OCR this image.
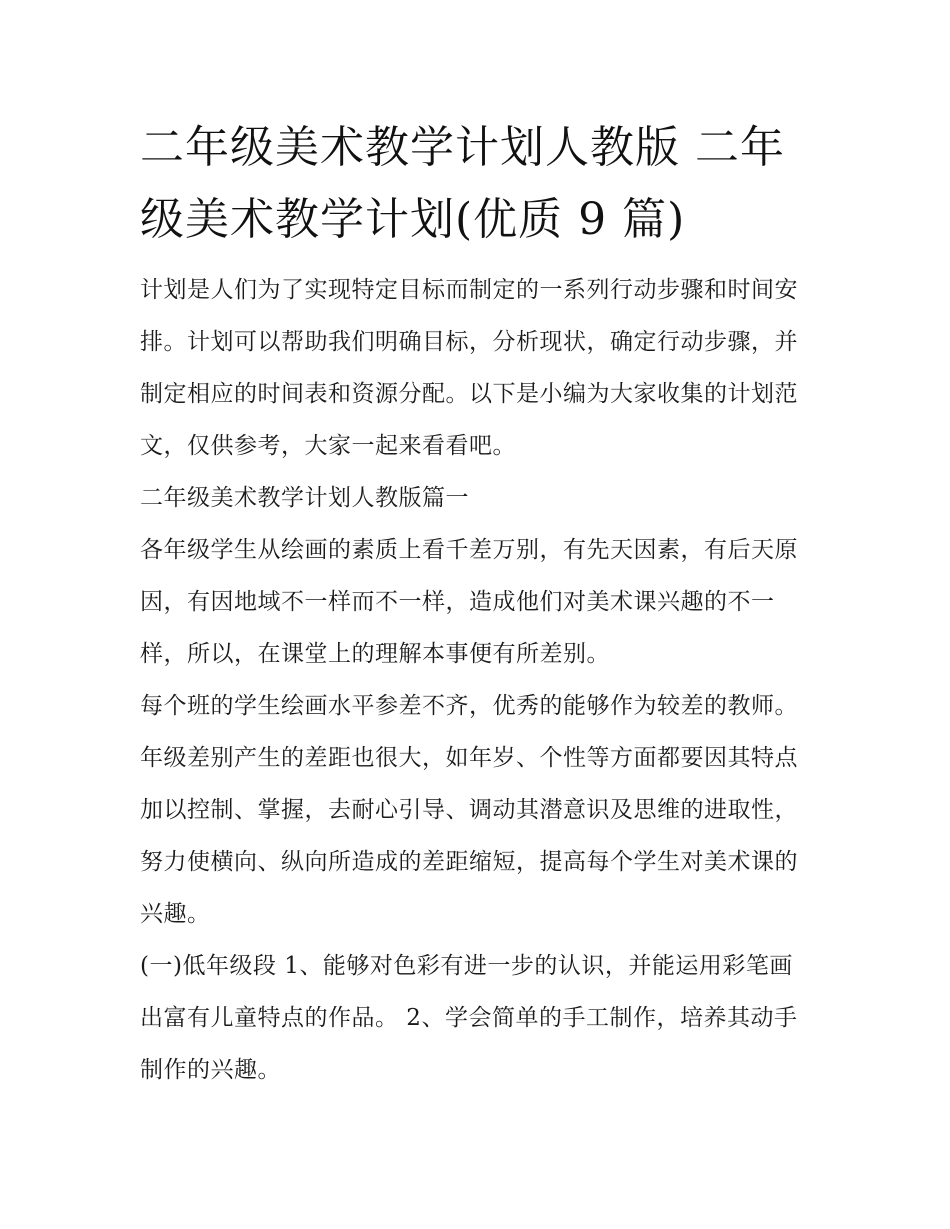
二年级美术教学计划人教版 二年级美术教学计划(优质 9 篇)

计划是人们为了实现特定目标而制定的一系列行动步骤和时间安排。计划可以帮助我们明确目标，分析现状，确定行动步骤，并制定相应的时间表和资源分配。以下是小编为大家收集的计划范文，仅供参考，大家一起来看看吧。

二年级美术教学计划人教版篇一

各年级学生从绘画的素质上看千差万别，有先天因素，有后天原因，有因地域不一样而不一样，造成他们对美术课兴趣的不一样，所以，在课堂上的理解本事便有所差别。

每个班的学生绘画水平参差不齐，优秀的能够作为较差的教师。年级差别产生的差距也很大，如年岁、个性等方面都要因其特点加以控制、掌握，去耐心引导、调动其潜意识及思维的进取性，努力使横向、纵向所造成的差距缩短，提高每个学生对美术课的兴趣。

(一)低年级段 1、能够对色彩有进一步的认识，并能运用彩笔画出富有儿童特点的作品。 2、学会简单的手工制作，培养其动手制作的兴趣。
